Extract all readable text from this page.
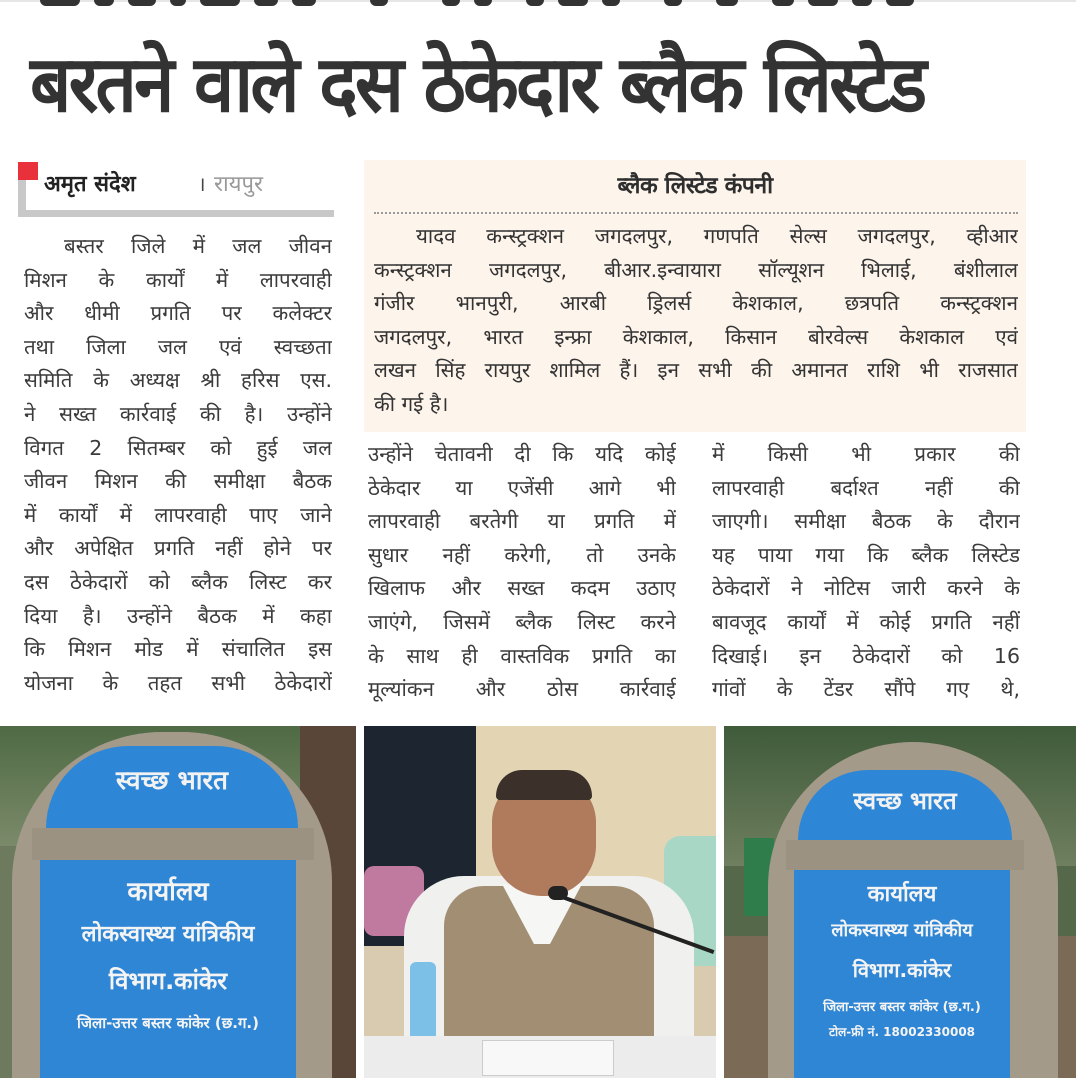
बरतने वाले दस ठेकेदार ब्लैक लिस्टेड
अमृत संदेश	। रायपुर
बस्तर जिले में जल जीवन
मिशन के कार्यों में लापरवाही
और धीमी प्रगति पर कलेक्टर
तथा जिला जल एवं स्वच्छता
समिति के अध्यक्ष श्री हरिस एस.
ने सख्त कार्रवाई की है। उन्होंने
विगत 2 सितम्बर को हुई जल
जीवन मिशन की समीक्षा बैठक
में कार्यों में लापरवाही पाए जाने
और अपेक्षित प्रगति नहीं होने पर
दस ठेकेदारों को ब्लैक लिस्ट कर
दिया है। उन्होंने बैठक में कहा
कि मिशन मोड में संचालित इस
योजना के तहत सभी ठेकेदारों
ब्लैक लिस्टेड कंपनी
यादव कन्स्ट्रक्शन जगदलपुर, गणपति सेल्स जगदलपुर, व्हीआर
कन्स्ट्रक्शन जगदलपुर, बीआर.इन्वायारा सॉल्यूशन भिलाई, बंशीलाल
गंजीर भानपुरी, आरबी ड्रिलर्स केशकाल, छत्रपति कन्स्ट्रक्शन
जगदलपुर, भारत इन्फ्रा केशकाल, किसान बोरवेल्स केशकाल एवं
लखन सिंह रायपुर शामिल हैं। इन सभी की अमानत राशि भी राजसात
की गई है।
उन्होंने चेतावनी दी कि यदि कोई
ठेकेदार या एजेंसी आगे भी
लापरवाही बरतेगी या प्रगति में
सुधार नहीं करेगी, तो उनके
खिलाफ और सख्त कदम उठाए
जाएंगे, जिसमें ब्लैक लिस्ट करने
के साथ ही वास्तविक प्रगति का
मूल्यांकन और ठोस कार्रवाई
में किसी भी प्रकार की
लापरवाही बर्दाश्त नहीं की
जाएगी। समीक्षा बैठक के दौरान
यह पाया गया कि ब्लैक लिस्टेड
ठेकेदारों ने नोटिस जारी करने के
बावजूद कार्यों में कोई प्रगति नहीं
दिखाई। इन ठेकेदारों को 16
गांवों के टेंडर सौंपे गए थे,
स्वच्छ भारत
कार्यालय
लोकस्वास्थ्य यांत्रिकीय
विभाग.कांकेर
जिला-उत्तर बस्तर कांकेर (छ.ग.)
स्वच्छ भारत
कार्यालय
लोकस्वास्थ्य यांत्रिकीय
विभाग.कांकेर
जिला-उत्तर बस्तर कांकेर (छ.ग.)
टोल-फ्री नं. 18002330008
